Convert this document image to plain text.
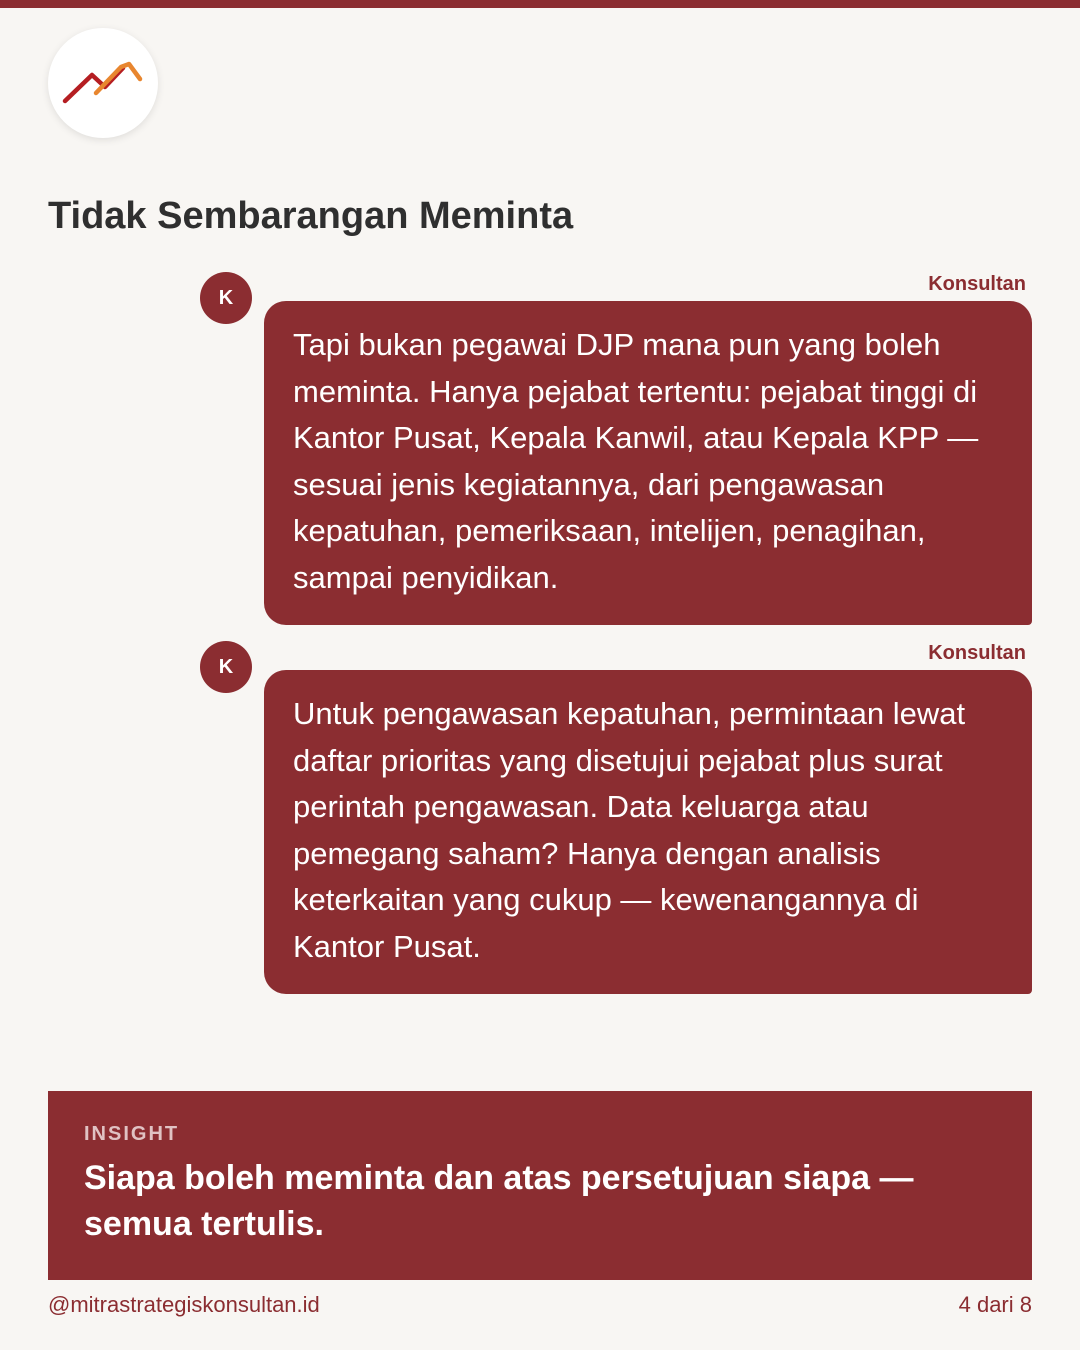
Tidak Sembarangan Meminta
K
Konsultan
Tapi bukan pegawai DJP mana pun yang boleh meminta. Hanya pejabat tertentu: pejabat tinggi di Kantor Pusat, Kepala Kanwil, atau Kepala KPP — sesuai jenis kegiatannya, dari pengawasan kepatuhan, pemeriksaan, intelijen, penagihan, sampai penyidikan.
K
Konsultan
Untuk pengawasan kepatuhan, permintaan lewat daftar prioritas yang disetujui pejabat plus surat perintah pengawasan. Data keluarga atau pemegang saham? Hanya dengan analisis keterkaitan yang cukup — kewenangannya di Kantor Pusat.
INSIGHT
Siapa boleh meminta dan atas persetujuan siapa — semua tertulis.
@mitrastrategiskonsultan.id	4 dari 8
